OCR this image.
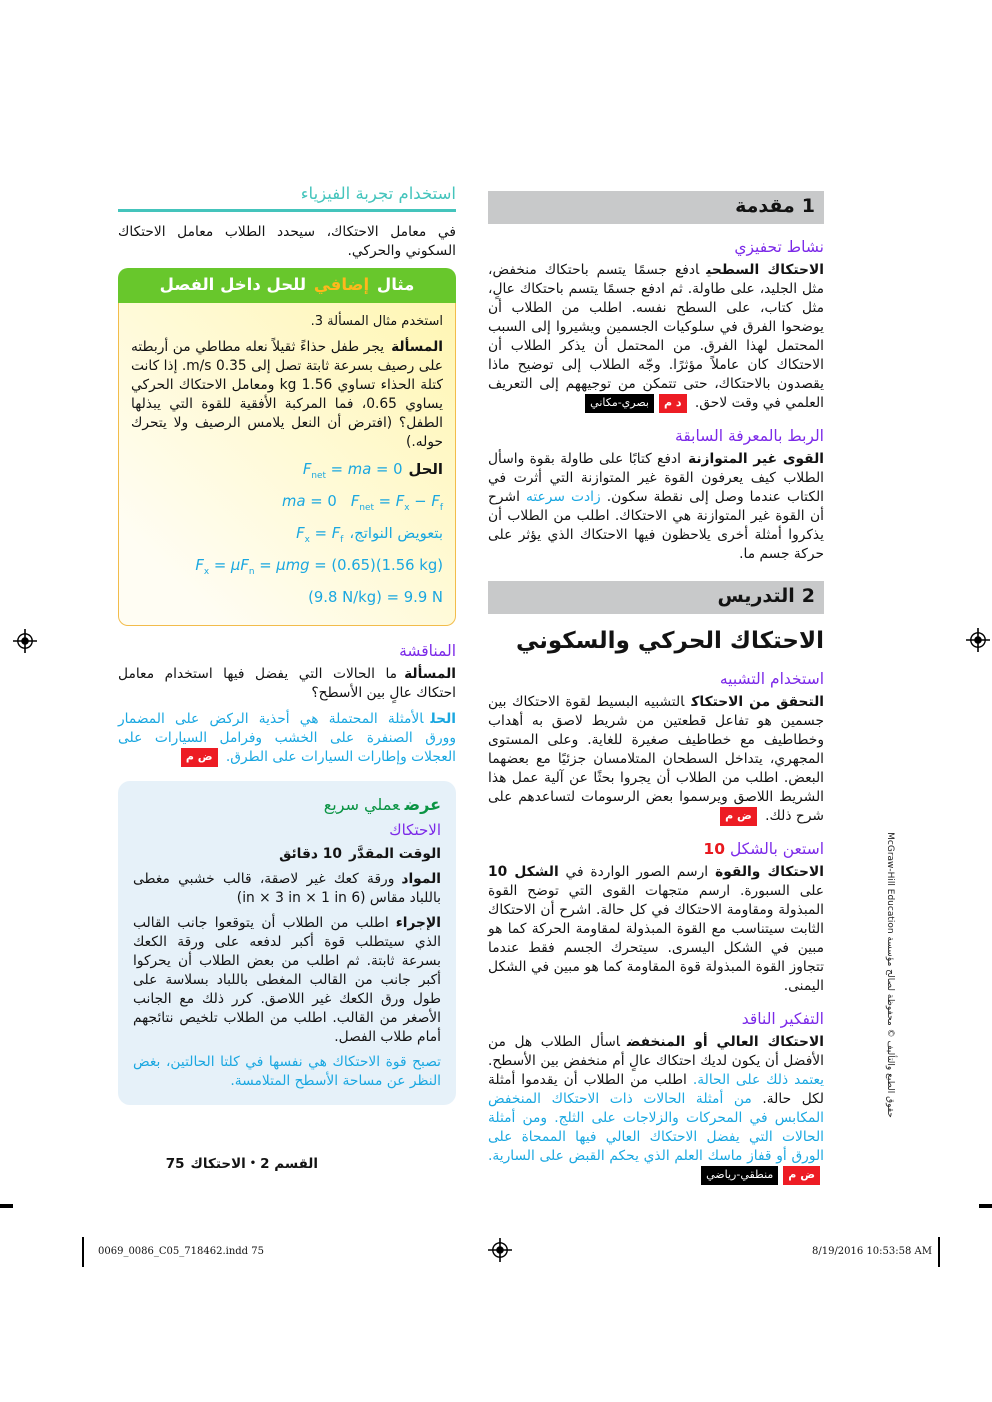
1مقدمة
نشاط تحفيزي

الاحتكاك السطحيادفع جسمًا يتسم باحتكاك منخفض، مثل الجليد، على طاولة. ثم ادفع جسمًا يتسم باحتكاك عالٍ، مثل كتاب، على السطح نفسه. اطلب من الطلاب أن يوضحوا الفرق في سلوكيات الجسمين ويشيروا إلى السبب المحتمل لهذا الفرق. من المحتمل أن يذكر الطلاب أن الاحتكاك كان عاملاً مؤثرًا. وجّه الطلاب إلى توضيح ماذا يقصدون بالاحتكاك، حتى تتمكن من توجيههم إلى التعريف العلمي في وقت لاحق. د مبصري-مكاني

الربط بالمعرفة السابقة

القوى غير المتوازنةادفع كتابًا على طاولة بقوة واسأل الطلاب كيف يعرفون القوة غير المتوازنة التي أثرت في الكتاب عندما وصل إلى نقطة سكون. زادت سرعته اشرح أن القوة غير المتوازنة هي الاحتكاك. اطلب من الطلاب أن يذكروا أمثلة أخرى يلاحظون فيها الاحتكاك الذي يؤثر على حركة جسم ما.

2التدريس
الاحتكاك الحركي والسكوني
استخدام التشبيه

التحقق من الاحتكاكالتشبيه البسيط لقوة الاحتكاك بين جسمين هو تفاعل قطعتين من شريط لاصق به أهداب وخطاطيف مع خطاطيف صغيرة للغاية. وعلى المستوى المجهري، يتداخل السطحان المتلامسان جزئيًا مع بعضهما البعض. اطلب من الطلاب أن يجروا بحثًا عن آلية عمل هذا الشريط اللاصق ويرسموا بعض الرسومات لتساعدهم على شرح ذلك. ض م

استعن بالشكل 10

الاحتكاك والقوةارسم الصور الواردة في الشكل 10 على السبورة. ارسم متجهات القوى التي توضح القوة المبذولة ومقاومة الاحتكاك في كل حالة. اشرح أن الاحتكاك الثابت سيتناسب مع القوة المبذولة لمقاومة الحركة كما هو مبين في الشكل اليسرى. سيتحرك الجسم فقط عندما تتجاوز القوة المبذولة قوة المقاومة كما هو مبين في الشكل اليمنى.

التفكير الناقد

الاحتكاك العالي أو المنخفضاسأل الطلاب هل من الأفضل أن يكون لديك احتكاك عالٍ أم منخفض بين الأسطح. يعتمد ذلك على الحالة. اطلب من الطلاب أن يقدموا أمثلة لكل حالة. من أمثلة الحالات ذات الاحتكاك المنخفض المكابس في المحركات والزلاجات على الثلج. ومن أمثلة الحالات التي يفضل الاحتكاك العالي فيها الممحاة على الورق أو قفاز ماسك العلم الذي يحكم القبض على السارية. ض ممنطقي-رياضي

استخدام تجربة الفيزياء

في معامل الاحتكاك، سيحدد الطلاب معامل الاحتكاك السكوني والحركي.

مثال إضافي للحل داخل الفصل

استخدم مثال المسألة 3.

المسألةيجر طفل حذاءً ثقيلاً نعله مطاطي من أربطته على رصيف بسرعة ثابتة تصل إلى 0.35 m/s. إذا كانت كتلة الحذاء تساوي 1.56 kg ومعامل الاحتكاك الحركي يساوي 0.65، فما المركبة الأفقية للقوة التي يبذلها الطفل؟ (افترض أن النعل يلامس الرصيف ولا يتحرك حوله.)

الحلF$_{net}$ = ma = 0
ma = 0   $F_{net} = F_x - F_f$
بتعويض $النواتج،F_x = F_f$
$F_x = \mu F_n = \mu mg = (0.65)(1.56$ kg)
(9.8 N/kg) = 9.9 N
المناقشة

المسألةما الحالات التي يفضل فيها استخدام معامل احتكاك عالٍ بين الأسطح؟

الحلالأمثلة المحتملة هي أحذية الركض على المضمار وورق الصنفرة على الخشب وفرامل السيارات على العجلات وإطارات السيارات على الطرق. ض م

عرضعملي سريع
الاحتكاك

الوقت المقدَّر10 دقائق

الموادورقة كعك غير لاصقة، قالب خشبي مغطى باللباد مقاس (6 in × 3 in × 1 in)

الإجراءاطلب من الطلاب أن يتوقعوا جانب القالب الذي سيتطلب قوة أكبر لدفعه على ورقة الكعك بسرعة ثابتة. ثم اطلب من بعض الطلاب أن يحركوا أكبر جانب من القالب المغطى باللباد بسلاسة على طول ورق الكعك غير اللاصق. كرر ذلك مع الجانب الأصغر من القالب. اطلب من الطلاب تلخيص نتائجهم أمام طلاب الفصل.

تصبح قوة الاحتكاك هي نفسها في كلتا الحالتين، بغض النظر عن مساحة الأسطح المتلامسة.

القسم 2•الاحتكاك75
حقوق الطبع والتأليف © محفوظة لصالح مؤسسة McGraw-Hill Education
0069_0086_C05_718462.indd 75	8/19/2016 10:53:58 AM
